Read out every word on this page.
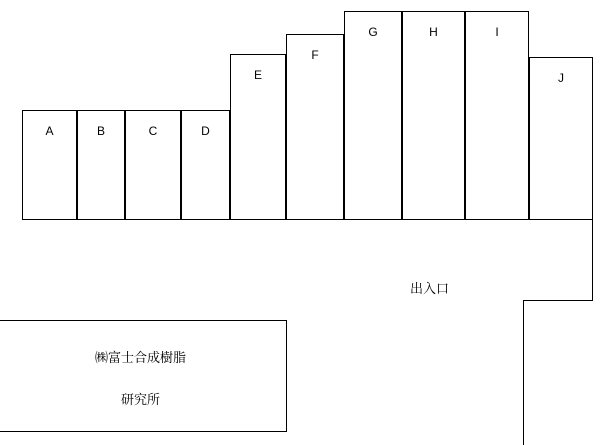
A	B	C	D
E
F
G	H	I
J
出入口
㈱富士合成樹脂
研究所
